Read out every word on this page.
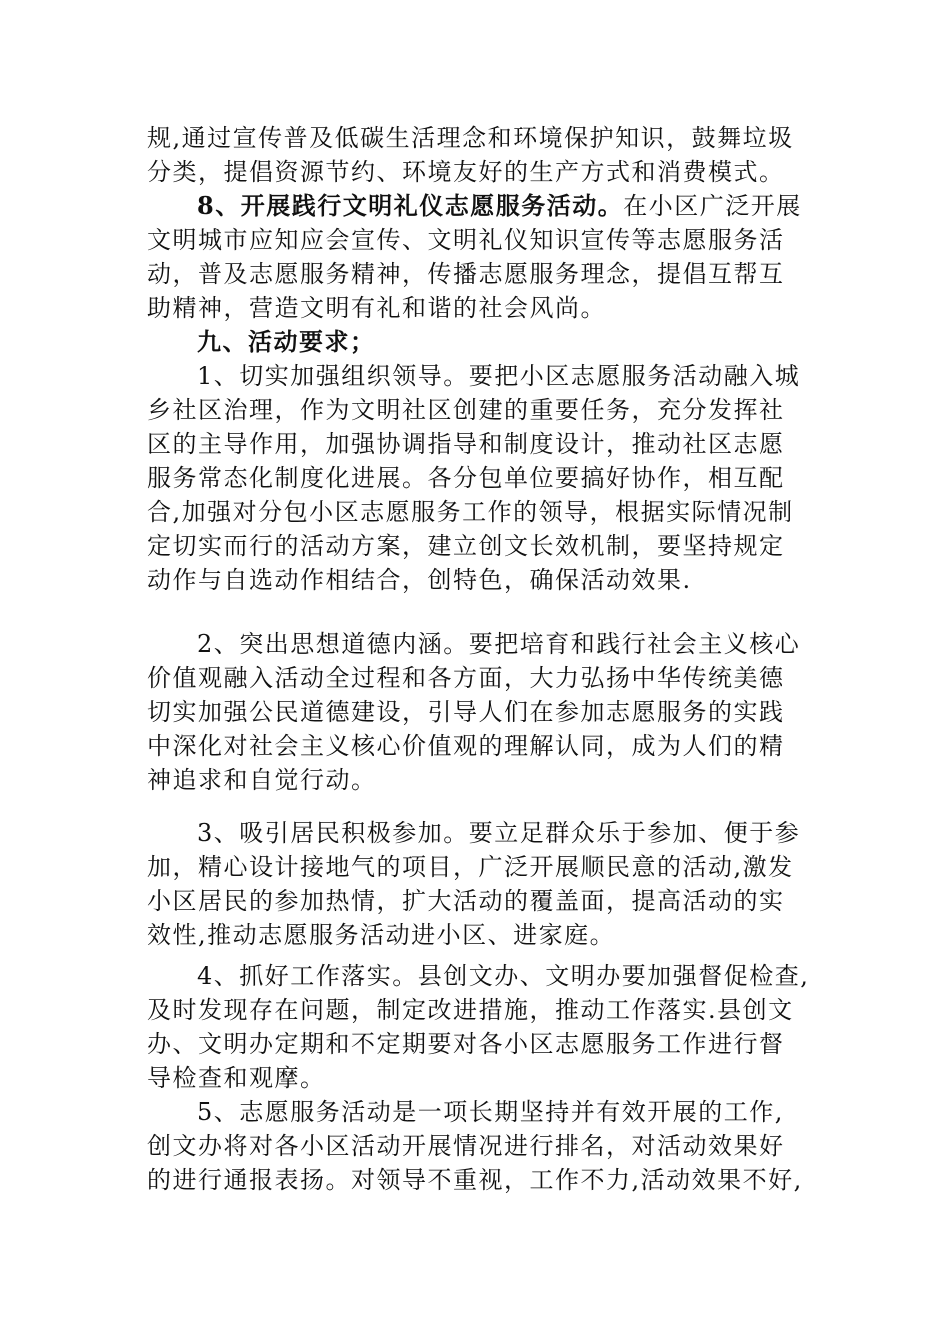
规,通过宣传普及低碳生活理念和环境保护知识，鼓舞垃圾
分类，提倡资源节约、环境友好的生产方式和消费模式。
8、开展践行文明礼仪志愿服务活动。在小区广泛开展
文明城市应知应会宣传、文明礼仪知识宣传等志愿服务活
动，普及志愿服务精神，传播志愿服务理念，提倡互帮互
助精神，营造文明有礼和谐的社会风尚。
九、活动要求；
1、切实加强组织领导。要把小区志愿服务活动融入城
乡社区治理，作为文明社区创建的重要任务，充分发挥社
区的主导作用，加强协调指导和制度设计，推动社区志愿
服务常态化制度化进展。各分包单位要搞好协作，相互配
合,加强对分包小区志愿服务工作的领导，根据实际情况制
定切实而行的活动方案，建立创文长效机制，要坚持规定
动作与自选动作相结合，创特色，确保活动效果.
2、突出思想道德内涵。要把培育和践行社会主义核心
价值观融入活动全过程和各方面，大力弘扬中华传统美德
切实加强公民道德建设，引导人们在参加志愿服务的实践
中深化对社会主义核心价值观的理解认同，成为人们的精
神追求和自觉行动。
3、吸引居民积极参加。要立足群众乐于参加、便于参
加，精心设计接地气的项目，广泛开展顺民意的活动,激发
小区居民的参加热情，扩大活动的覆盖面，提高活动的实
效性,推动志愿服务活动进小区、进家庭。
4、抓好工作落实。县创文办、文明办要加强督促检查,
及时发现存在问题，制定改进措施，推动工作落实.县创文
办、文明办定期和不定期要对各小区志愿服务工作进行督
导检查和观摩。
5、志愿服务活动是一项长期坚持并有效开展的工作,
创文办将对各小区活动开展情况进行排名，对活动效果好
的进行通报表扬。对领导不重视，工作不力,活动效果不好,
